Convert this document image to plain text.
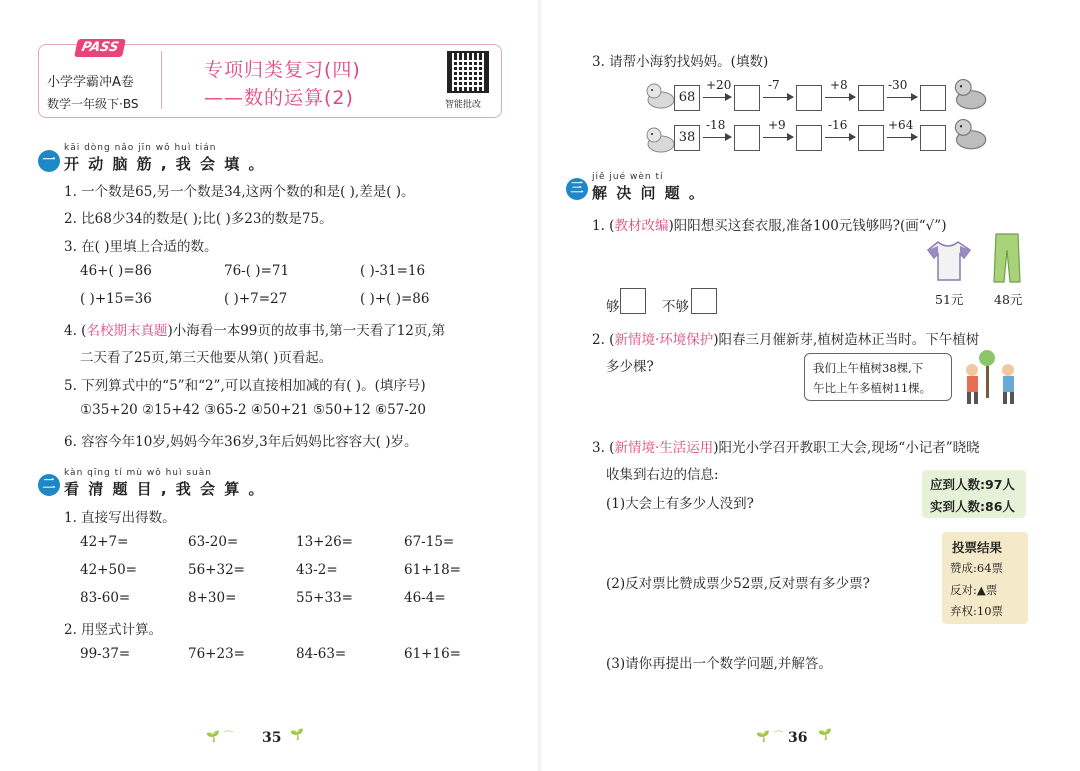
PASS
小学学霸冲A卷
数学一年级下·BS
专项归类复习(四)
——数的运算(2)	智能批改
kāi dòng nǎo jīn wǒ huì tián
一 开 动 脑 筋 , 我 会 填 。
1. 一个数是65,另一个数是34,这两个数的和是( ),差是( )。
2. 比68少34的数是( );比( )多23的数是75。
3. 在( )里填上合适的数。
46+( )=86	76-( )=71	( )-31=16
( )+15=36	( )+7=27	( )+( )=86
4. (名校期末真题)小海看一本99页的故事书,第一天看了12页,第
二天看了25页,第三天他要从第( )页看起。
5. 下列算式中的“5”和“2”,可以直接相加减的有( )。(填序号)
①35+20 ②15+42 ③65-2 ④50+21 ⑤50+12 ⑥57-20
6. 容容今年10岁,妈妈今年36岁,3年后妈妈比容容大( )岁。
kàn qīng tí mù wǒ huì suàn
二 看 清 题 目 , 我 会 算 。
1. 直接写出得数。
42+7=	63-20=	13+26=	67-15=
42+50=	56+32=	43-2=	61+18=
83-60=	8+30=	55+33=	46-4=
2. 用竖式计算。
99-37=	76+23=	84-63=	61+16=
🌱 ⌒ 35 🌱
3. 请帮小海豹找妈妈。(填数)
68
+20	-7	+8	-30
38
-18	+9	-16	+64
jiě jué wèn tí
三 解 决 问 题 。
1. (教材改编)阳阳想买这套衣服,准备100元钱够吗?(画“√”)
51元 48元
够	不够
2. (新情境·环境保护)阳春三月催新芽,植树造林正当时。下午植树
多少棵?	我们上午植树38棵,下
午比上午多植树11棵。
3. (新情境·生活运用)阳光小学召开教职工大会,现场“小记者”晓晓
收集到右边的信息:
(1)大会上有多少人没到?
应到人数:97人
实到人数:86人
投票结果
赞成:64票
反对:▲票
弃权:10票
(2)反对票比赞成票少52票,反对票有多少票?
(3)请你再提出一个数学问题,并解答。
🌱 ⌒ 36 🌱
